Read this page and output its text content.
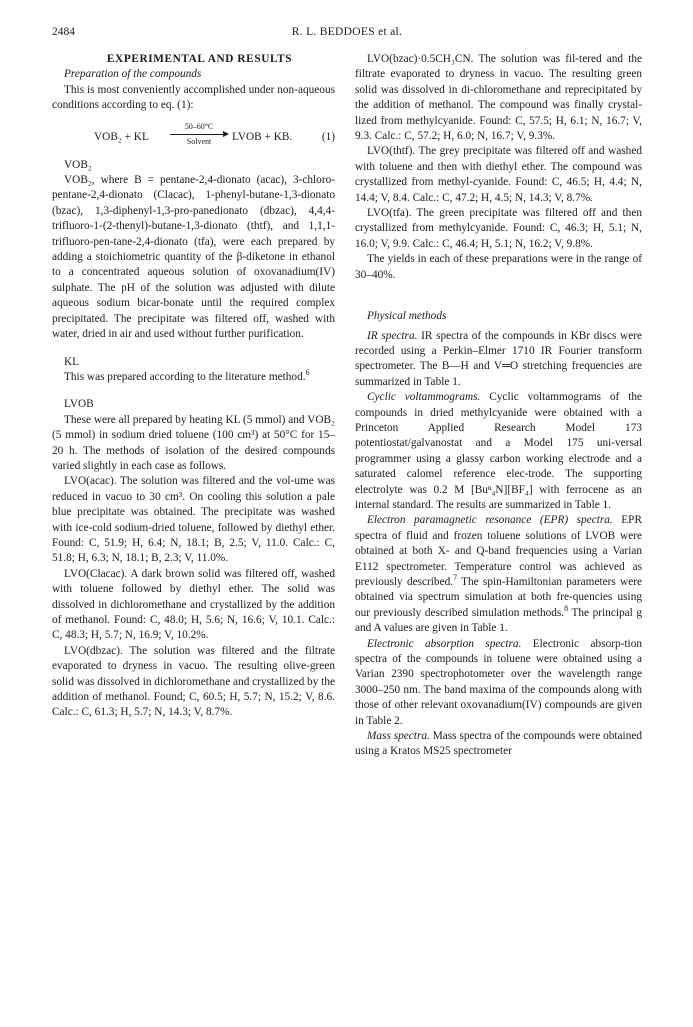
2484	R. L. BEDDOES et al.

EXPERIMENTAL AND RESULTS

Preparation of the compounds

This is most conveniently accomplished under non-aqueous conditions according to eq. (1):

VOB₂ + KL
50–60°C
Solvent	LVOB + KB.	(1)

VOB₂

VOB₂, where B = pentane-2,4-dionato (acac), 3-chloro-pentane-2,4-dionato (Clacac), 1-phenyl-butane-1,3-dionato (bzac), 1,3-diphenyl-1,3-pro-panedionato (dbzac), 4,4,4-trifluoro-1-(2-thenyl)-butane-1,3-dionato (thtf), and 1,1,1-trifluoro-pen-tane-2,4-dionato (tfa), were each prepared by adding a stoichiometric quantity of the β-diketone in ethanol to a concentrated aqueous solution of oxovanadium(IV) sulphate. The pH of the solution was adjusted with dilute aqueous sodium bicar-bonate until the required complex precipitated. The precipitate was filtered off, washed with water, dried in air and used without further purification.

KL

This was prepared according to the literature method.$^6$

LVOB

These were all prepared by heating KL (5 mmol) and VOB₂ (5 mmol) in sodium dried toluene (100 cm³) at 50°C for 15–20 h. The methods of isolation of the desired compounds varied slightly in each case as follows.

LVO(acac). The solution was filtered and the vol-ume was reduced in vacuo to 30 cm³. On cooling this solution a pale blue precipitate was obtained. The precipitate was washed with ice-cold sodium-dried toluene, followed by diethyl ether. Found: C, 51.9; H, 6.4; N, 18.1; B, 2.5; V, 11.0. Calc.: C, 51.8; H, 6.3; N, 18.1; B, 2.3; V, 11.0%.

LVO(Clacac). A dark brown solid was filtered off, washed with toluene followed by diethyl ether. The solid was dissolved in dichloromethane and crystallized by the addition of methanol. Found: C, 48.0; H, 5.6; N, 16.6; V, 10.1. Calc.: C, 48.3; H, 5.7; N, 16.9; V, 10.2%.

LVO(dbzac). The solution was filtered and the filtrate evaporated to dryness in vacuo. The resulting olive-green solid was dissolved in dichloromethane and crystallized by the addition of methanol. Found; C, 60.5; H, 5.7; N, 15.2; V, 8.6. Calc.: C, 61.3; H, 5.7; N, 14.3; V, 8.7%.

LVO(bzac)·0.5CH₃CN. The solution was fil-tered and the filtrate evaporated to dryness in vacuo. The resulting green solid was dissolved in di-chloromethane and reprecipitated by the addition of methanol. The compound was finally crystal-lized from methylcyanide. Found: C, 57.5; H, 6.1; N, 16.7; V, 9.3. Calc.: C, 57.2; H, 6.0; N, 16.7; V, 9.3%.

LVO(thtf). The grey precipitate was filtered off and washed with toluene and then with diethyl ether. The compound was crystallized from methyl-cyanide. Found: C, 46.5; H, 4.4; N, 14.4; V, 8.4. Calc.: C, 47.2; H, 4.5; N, 14.3; V, 8.7%.

LVO(tfa). The green precipitate was filtered off and then crystallized from methylcyanide. Found: C, 46.3; H, 5.1; N, 16.0; V, 9.9. Calc.: C, 46.4; H, 5.1; N, 16.2; V, 9.8%.

The yields in each of these preparations were in the range of 30–40%.

Physical methods

IR spectra. IR spectra of the compounds in KBr discs were recorded using a Perkin–Elmer 1710 IR Fourier transform spectrometer. The B—H and V═O stretching frequencies are summarized in Table 1.

Cyclic voltammograms. Cyclic voltammograms of the compounds in dried methylcyanide were obtained with a Princeton Applied Research Model 173 potentiostat/galvanostat and a Model 175 uni-versal programmer using a glassy carbon working electrode and a saturated calomel reference elec-trode. The supporting electrolyte was 0.2 M [Buⁿ₄N][BF₄] with ferrocene as an internal standard. The results are summarized in Table 1.

Electron paramagnetic resonance (EPR) spectra. EPR spectra of fluid and frozen toluene solutions of LVOB were obtained at both X- and Q-band frequencies using a Varian E112 spectrometer. Temperature control was achieved as previously described.$^7$ The spin-Hamiltonian parameters were obtained via spectrum simulation at both fre-quencies using our previously described simulation methods.$^8$ The principal g and A values are given in Table 1.

Electronic absorption spectra. Electronic absorp-tion spectra of the compounds in toluene were obtained using a Varian 2390 spectrophotometer over the wavelength range 3000–250 nm. The band maxima of the compounds along with those of other relevant oxovanadium(IV) compounds are given in Table 2.

Mass spectra. Mass spectra of the compounds were obtained using a Kratos MS25 spectrometer
